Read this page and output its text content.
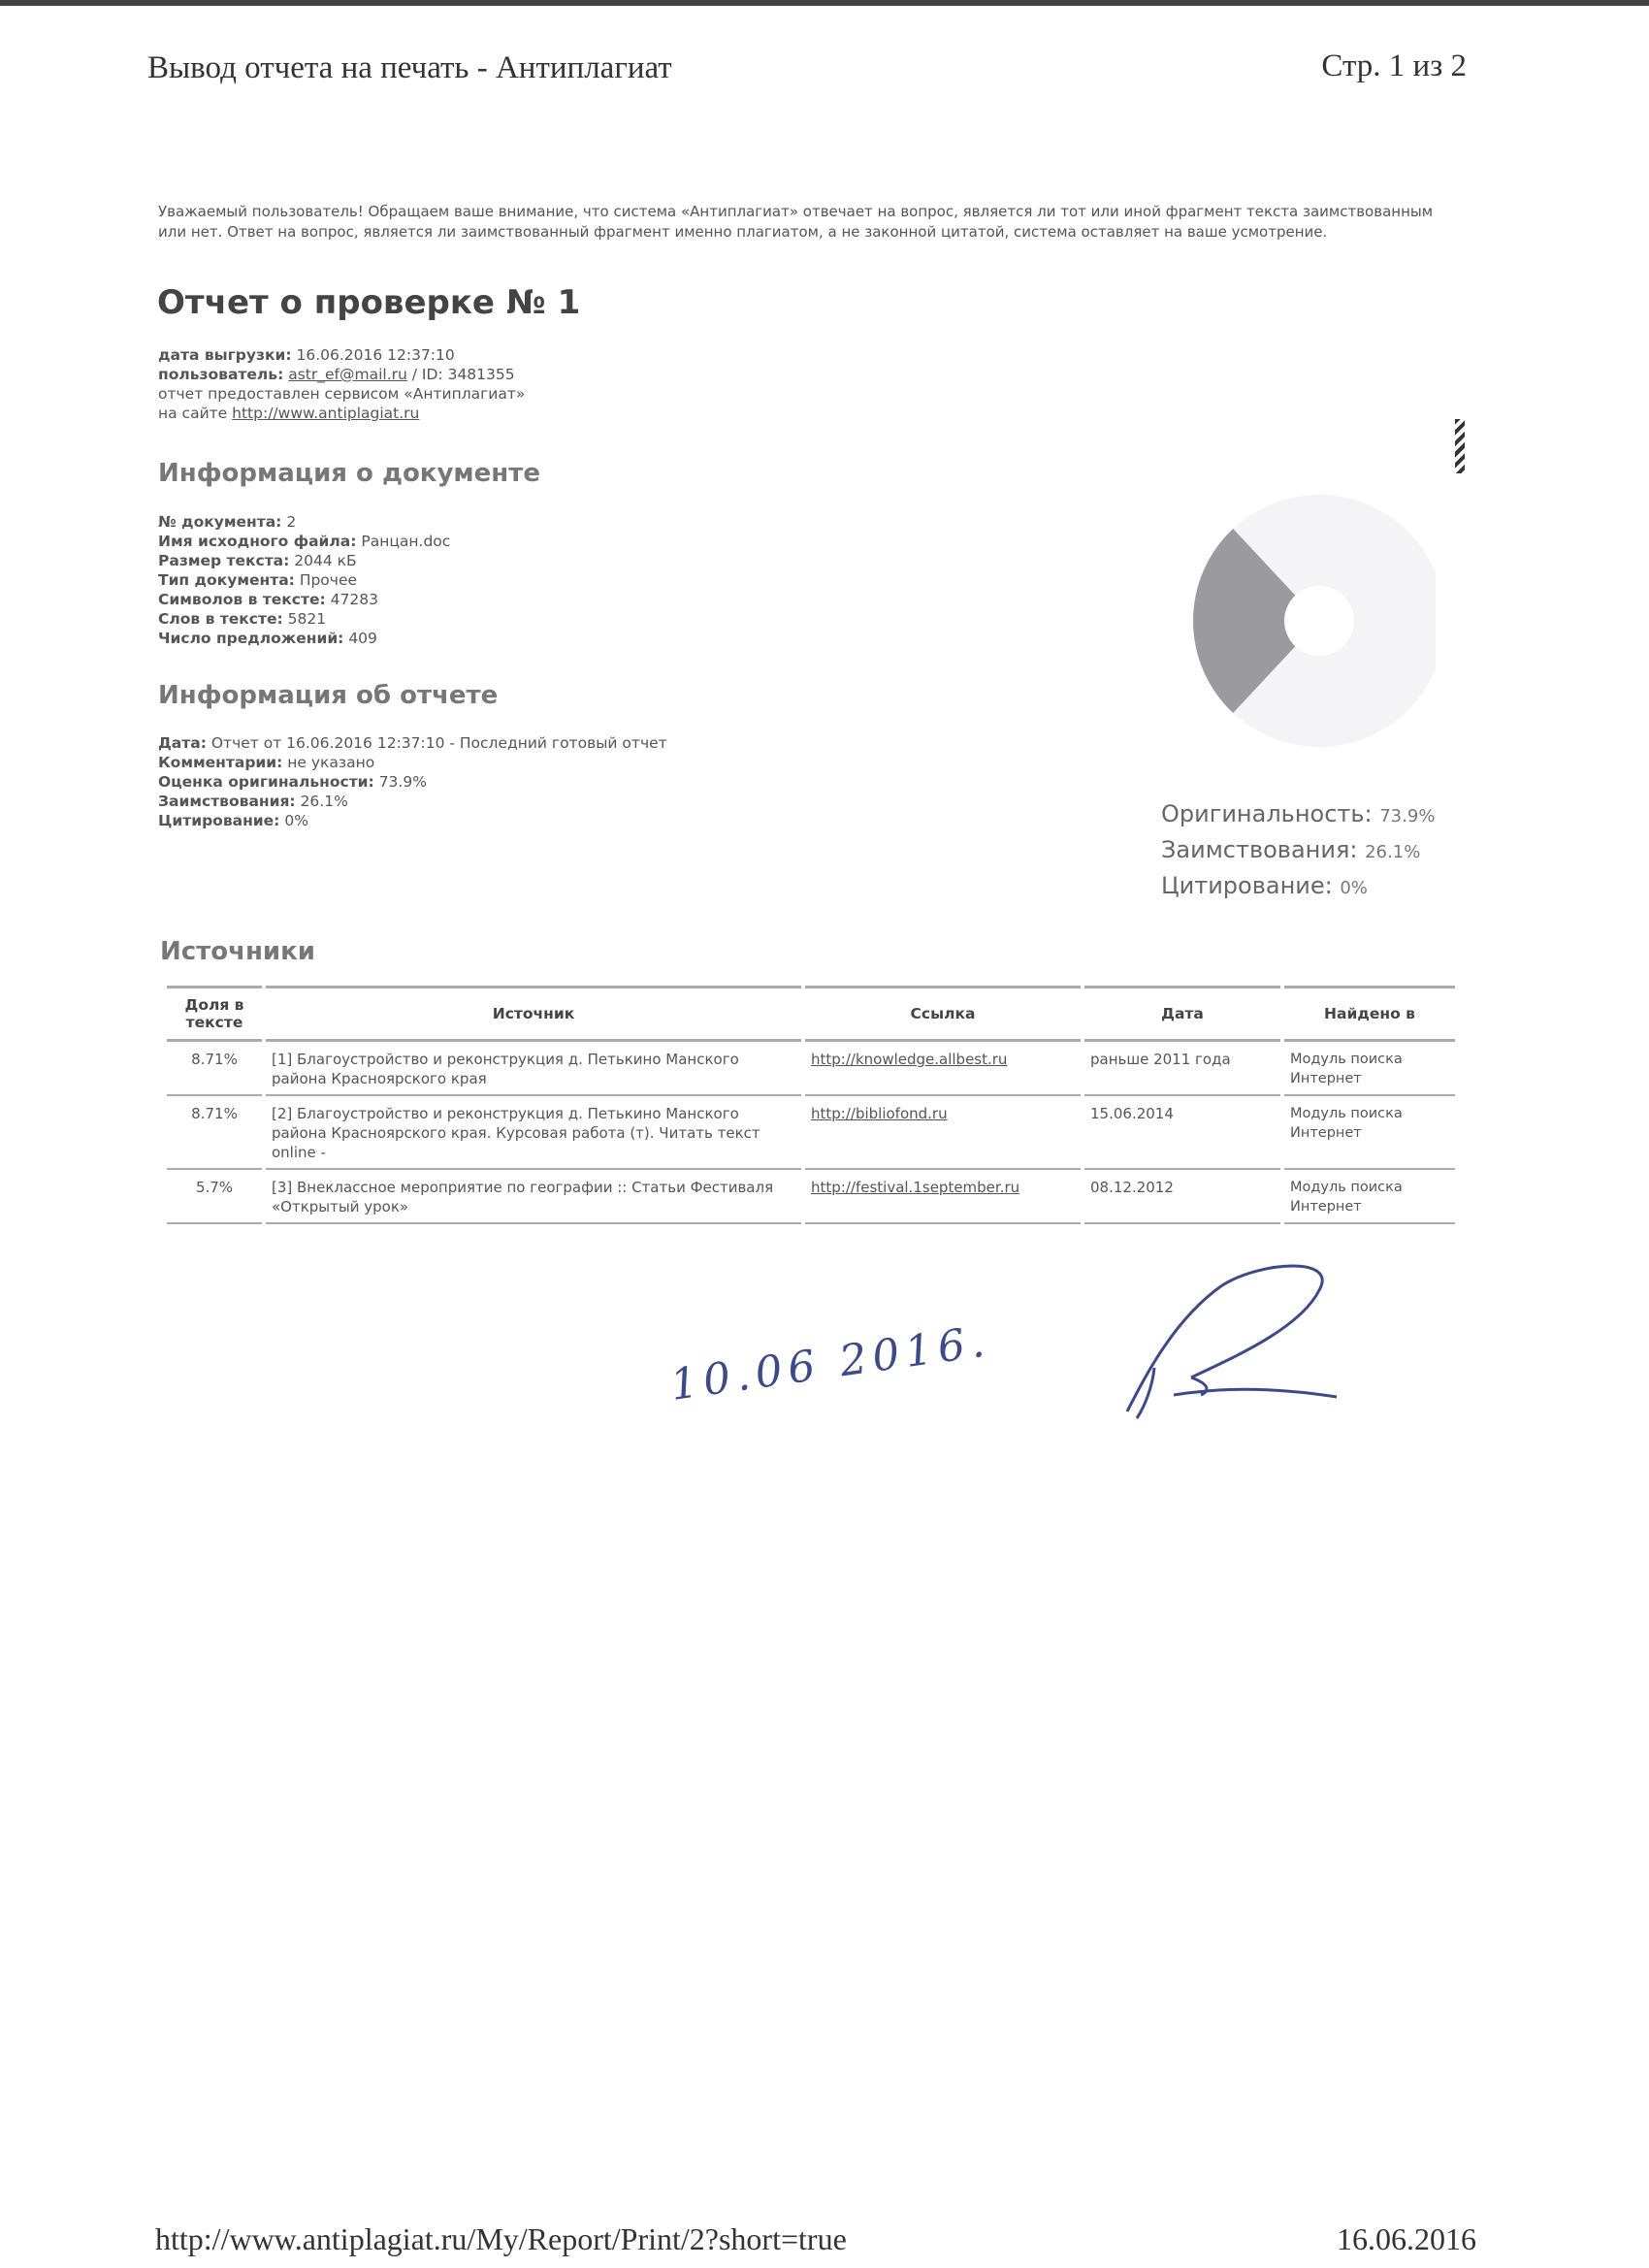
Вывод отчета на печать - Антиплагиат	Стр. 1 из 2
Уважаемый пользователь! Обращаем ваше внимание, что система «Антиплагиат» отвечает на вопрос, является ли тот или иной фрагмент текста заимствованным или нет. Ответ на вопрос, является ли заимствованный фрагмент именно плагиатом, а не законной цитатой, система оставляет на ваше усмотрение.
Отчет о проверке № 1
дата выгрузки: 16.06.2016 12:37:10
пользователь: astr_ef@mail.ru / ID: 3481355
отчет предоставлен сервисом «Антиплагиат»
на сайте http://www.antiplagiat.ru
Информация о документе
№ документа: 2
Имя исходного файла: Ранцан.doc
Размер текста: 2044 кБ
Тип документа: Прочее
Символов в тексте: 47283
Слов в тексте: 5821
Число предложений: 409
Информация об отчете
Дата: Отчет от 16.06.2016 12:37:10 - Последний готовый отчет
Комментарии: не указано
Оценка оригинальности: 73.9%
Заимствования: 26.1%
Цитирование: 0%	Оригинальность: 73.9%
Заимствования: 26.1%
Цитирование: 0%
Источники
Доля в тексте	Источник	Ссылка	Дата	Найдено в
8.71%	[1] Благоустройство и реконструкция д. Петькино Манского района Красноярского края	http://knowledge.allbest.ru	раньше 2011 года	Модуль поиска Интернет
8.71%	[2] Благоустройство и реконструкция д. Петькино Манского района Красноярского края. Курсовая работа (т). Читать текст online -	http://bibliofond.ru	15.06.2014	Модуль поиска Интернет
5.7%	[3] Внеклассное мероприятие по географии :: Статьи Фестиваля «Открытый урок»	http://festival.1september.ru	08.12.2012	Модуль поиска Интернет
10.06 2016.
http://www.antiplagiat.ru/My/Report/Print/2?short=true	16.06.2016
